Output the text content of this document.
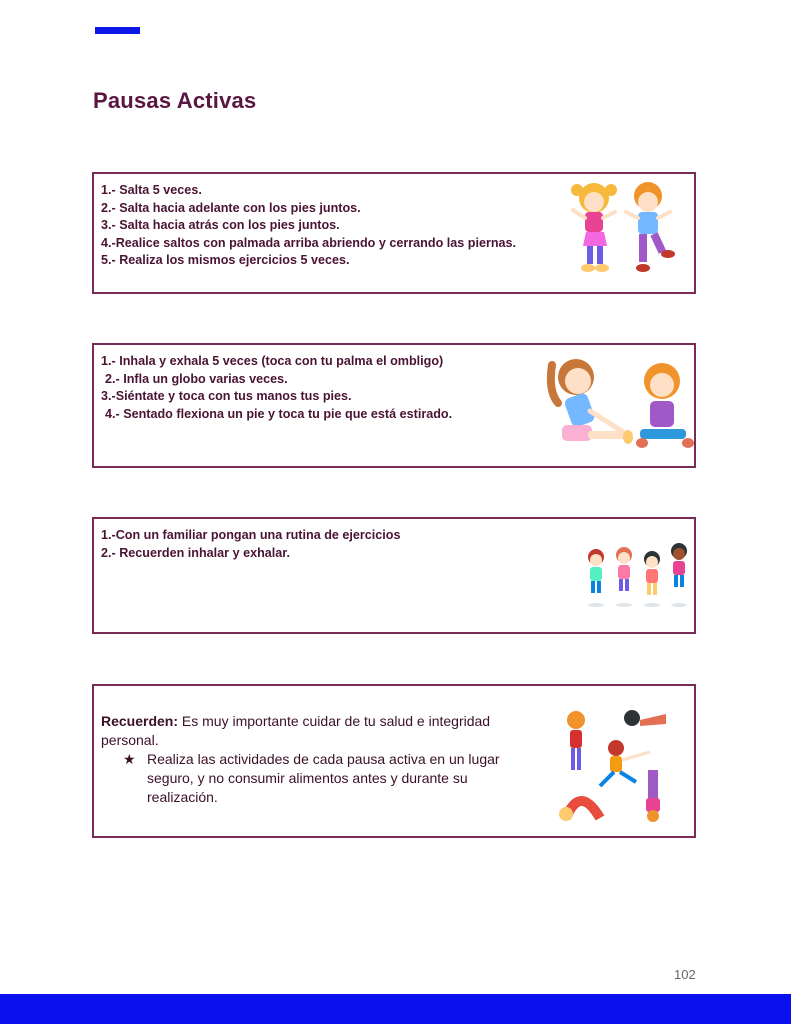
Pausas Activas
1.- Salta 5 veces.
2.- Salta hacia adelante con los pies juntos.
3.- Salta hacia atrás con los pies juntos.
4.-Realice saltos con palmada arriba abriendo y cerrando las piernas.
5.- Realiza los mismos ejercicios 5 veces.
1.- Inhala y exhala 5 veces (toca con tu palma el ombligo)
2.- Infla un globo varias veces.
3.-Siéntate y toca con tus manos tus pies.
4.- Sentado flexiona un pie y toca tu pie que está estirado.
1.-Con un familiar pongan una rutina de ejercicios
2.- Recuerden inhalar y exhalar.
Recuerden: Es muy importante cuidar de tu salud e integridad personal.
★ Realiza las actividades de cada pausa activa en un lugar seguro, y no consumir alimentos antes y durante su realización.
102
